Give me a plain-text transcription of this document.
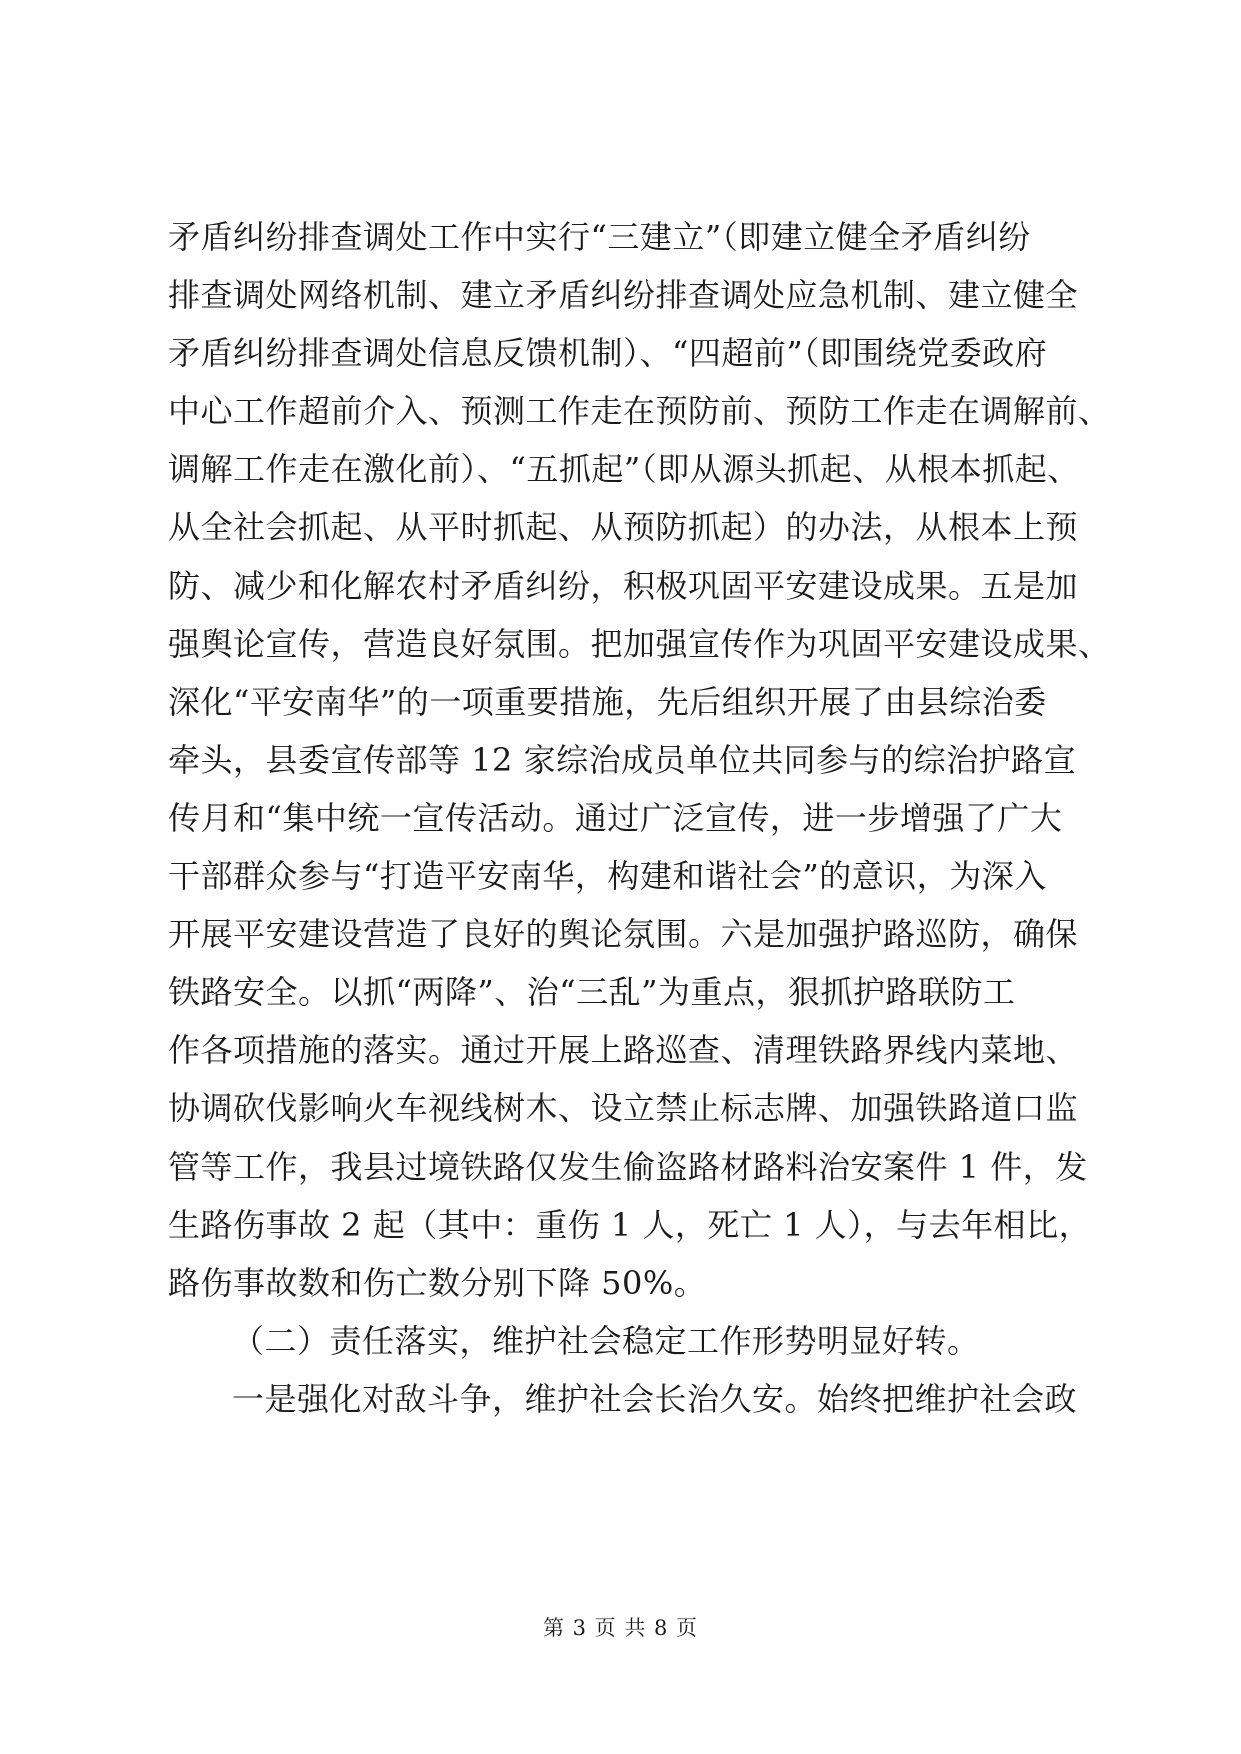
矛盾纠纷排查调处工作中实行“三建立”（即建立健全矛盾纠纷
排查调处网络机制、建立矛盾纠纷排查调处应急机制、建立健全
矛盾纠纷排查调处信息反馈机制）、“四超前”（即围绕党委政府
中心工作超前介入、预测工作走在预防前、预防工作走在调解前、
调解工作走在激化前）、“五抓起”（即从源头抓起、从根本抓起、
从全社会抓起、从平时抓起、从预防抓起）的办法，从根本上预
防、减少和化解农村矛盾纠纷，积极巩固平安建设成果。五是加
强舆论宣传，营造良好氛围。把加强宣传作为巩固平安建设成果、
深化“平安南华”的一项重要措施，先后组织开展了由县综治委
牵头，县委宣传部等 12 家综治成员单位共同参与的综治护路宣
传月和“集中统一宣传活动。通过广泛宣传，进一步增强了广大
干部群众参与“打造平安南华，构建和谐社会”的意识，为深入
开展平安建设营造了良好的舆论氛围。六是加强护路巡防，确保
铁路安全。以抓“两降”、治“三乱”为重点，狠抓护路联防工
作各项措施的落实。通过开展上路巡查、清理铁路界线内菜地、
协调砍伐影响火车视线树木、设立禁止标志牌、加强铁路道口监
管等工作，我县过境铁路仅发生偷盗路材路料治安案件 1 件，发
生路伤事故 2 起（其中：重伤 1 人，死亡 1 人），与去年相比，
路伤事故数和伤亡数分别下降 50%。
（二）责任落实，维护社会稳定工作形势明显好转。
一是强化对敌斗争，维护社会长治久安。始终把维护社会政
第 3 页 共 8 页
